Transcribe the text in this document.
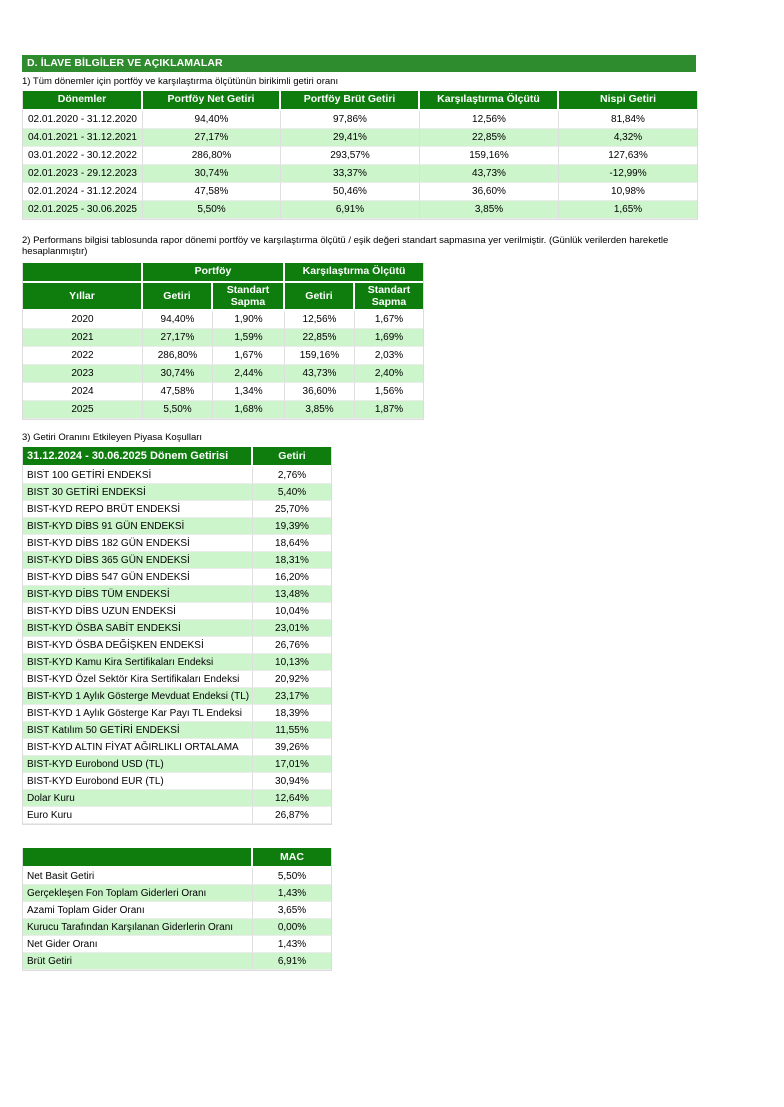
D. İLAVE BİLGİLER VE AÇIKLAMALAR
1) Tüm dönemler için portföy ve karşılaştırma ölçütünün birikimli getiri oranı
Dönemler	Portföy Net Getiri	Portföy Brüt Getiri	Karşılaştırma Ölçütü	Nispi Getiri
02.01.2020 - 31.12.2020	94,40%	97,86%	12,56%	81,84%
04.01.2021 - 31.12.2021	27,17%	29,41%	22,85%	4,32%
03.01.2022 - 30.12.2022	286,80%	293,57%	159,16%	127,63%
02.01.2023 - 29.12.2023	30,74%	33,37%	43,73%	-12,99%
02.01.2024 - 31.12.2024	47,58%	50,46%	36,60%	10,98%
02.01.2025 - 30.06.2025	5,50%	6,91%	3,85%	1,65%
2) Performans bilgisi tablosunda rapor dönemi portföy ve karşılaştırma ölçütü / eşik değeri standart sapmasına yer verilmiştir. (Günlük verilerden hareketle
hesaplanmıştır)
	Portföy		Karşılaştırma Ölçütü	
Yıllar	Getiri	Standart Sapma	Getiri	Standart Sapma
2020	94,40%	1,90%	12,56%	1,67%
2021	27,17%	1,59%	22,85%	1,69%
2022	286,80%	1,67%	159,16%	2,03%
2023	30,74%	2,44%	43,73%	2,40%
2024	47,58%	1,34%	36,60%	1,56%
2025	5,50%	1,68%	3,85%	1,87%
3) Getiri Oranını Etkileyen Piyasa Koşulları
31.12.2024 - 30.06.2025 Dönem Getirisi	Getiri
BIST 100 GETİRİ ENDEKSİ	2,76%
BIST 30 GETİRİ ENDEKSİ	5,40%
BIST-KYD REPO BRÜT ENDEKSİ	25,70%
BIST-KYD DİBS 91 GÜN ENDEKSİ	19,39%
BIST-KYD DİBS 182 GÜN ENDEKSİ	18,64%
BIST-KYD DİBS 365 GÜN ENDEKSİ	18,31%
BIST-KYD DİBS 547 GÜN ENDEKSİ	16,20%
BIST-KYD DİBS TÜM ENDEKSİ	13,48%
BIST-KYD DİBS UZUN ENDEKSİ	10,04%
BIST-KYD ÖSBA SABİT ENDEKSİ	23,01%
BIST-KYD ÖSBA DEĞİŞKEN ENDEKSİ	26,76%
BIST-KYD Kamu Kira Sertifikaları Endeksi	10,13%
BIST-KYD Özel Sektör Kira Sertifikaları Endeksi	20,92%
BIST-KYD 1 Aylık Gösterge Mevduat Endeksi (TL)	23,17%
BIST-KYD 1 Aylık Gösterge Kar Payı TL Endeksi	18,39%
BIST Katılım 50 GETİRİ ENDEKSİ	11,55%
BIST-KYD ALTIN FİYAT AĞIRLIKLI ORTALAMA	39,26%
BIST-KYD Eurobond USD (TL)	17,01%
BIST-KYD Eurobond EUR (TL)	30,94%
Dolar Kuru	12,64%
Euro Kuru	26,87%
	MAC
Net Basit Getiri	5,50%
Gerçekleşen Fon Toplam Giderleri Oranı	1,43%
Azami Toplam Gider Oranı	3,65%
Kurucu Tarafından Karşılanan Giderlerin Oranı	0,00%
Net Gider Oranı	1,43%
Brüt Getiri	6,91%
